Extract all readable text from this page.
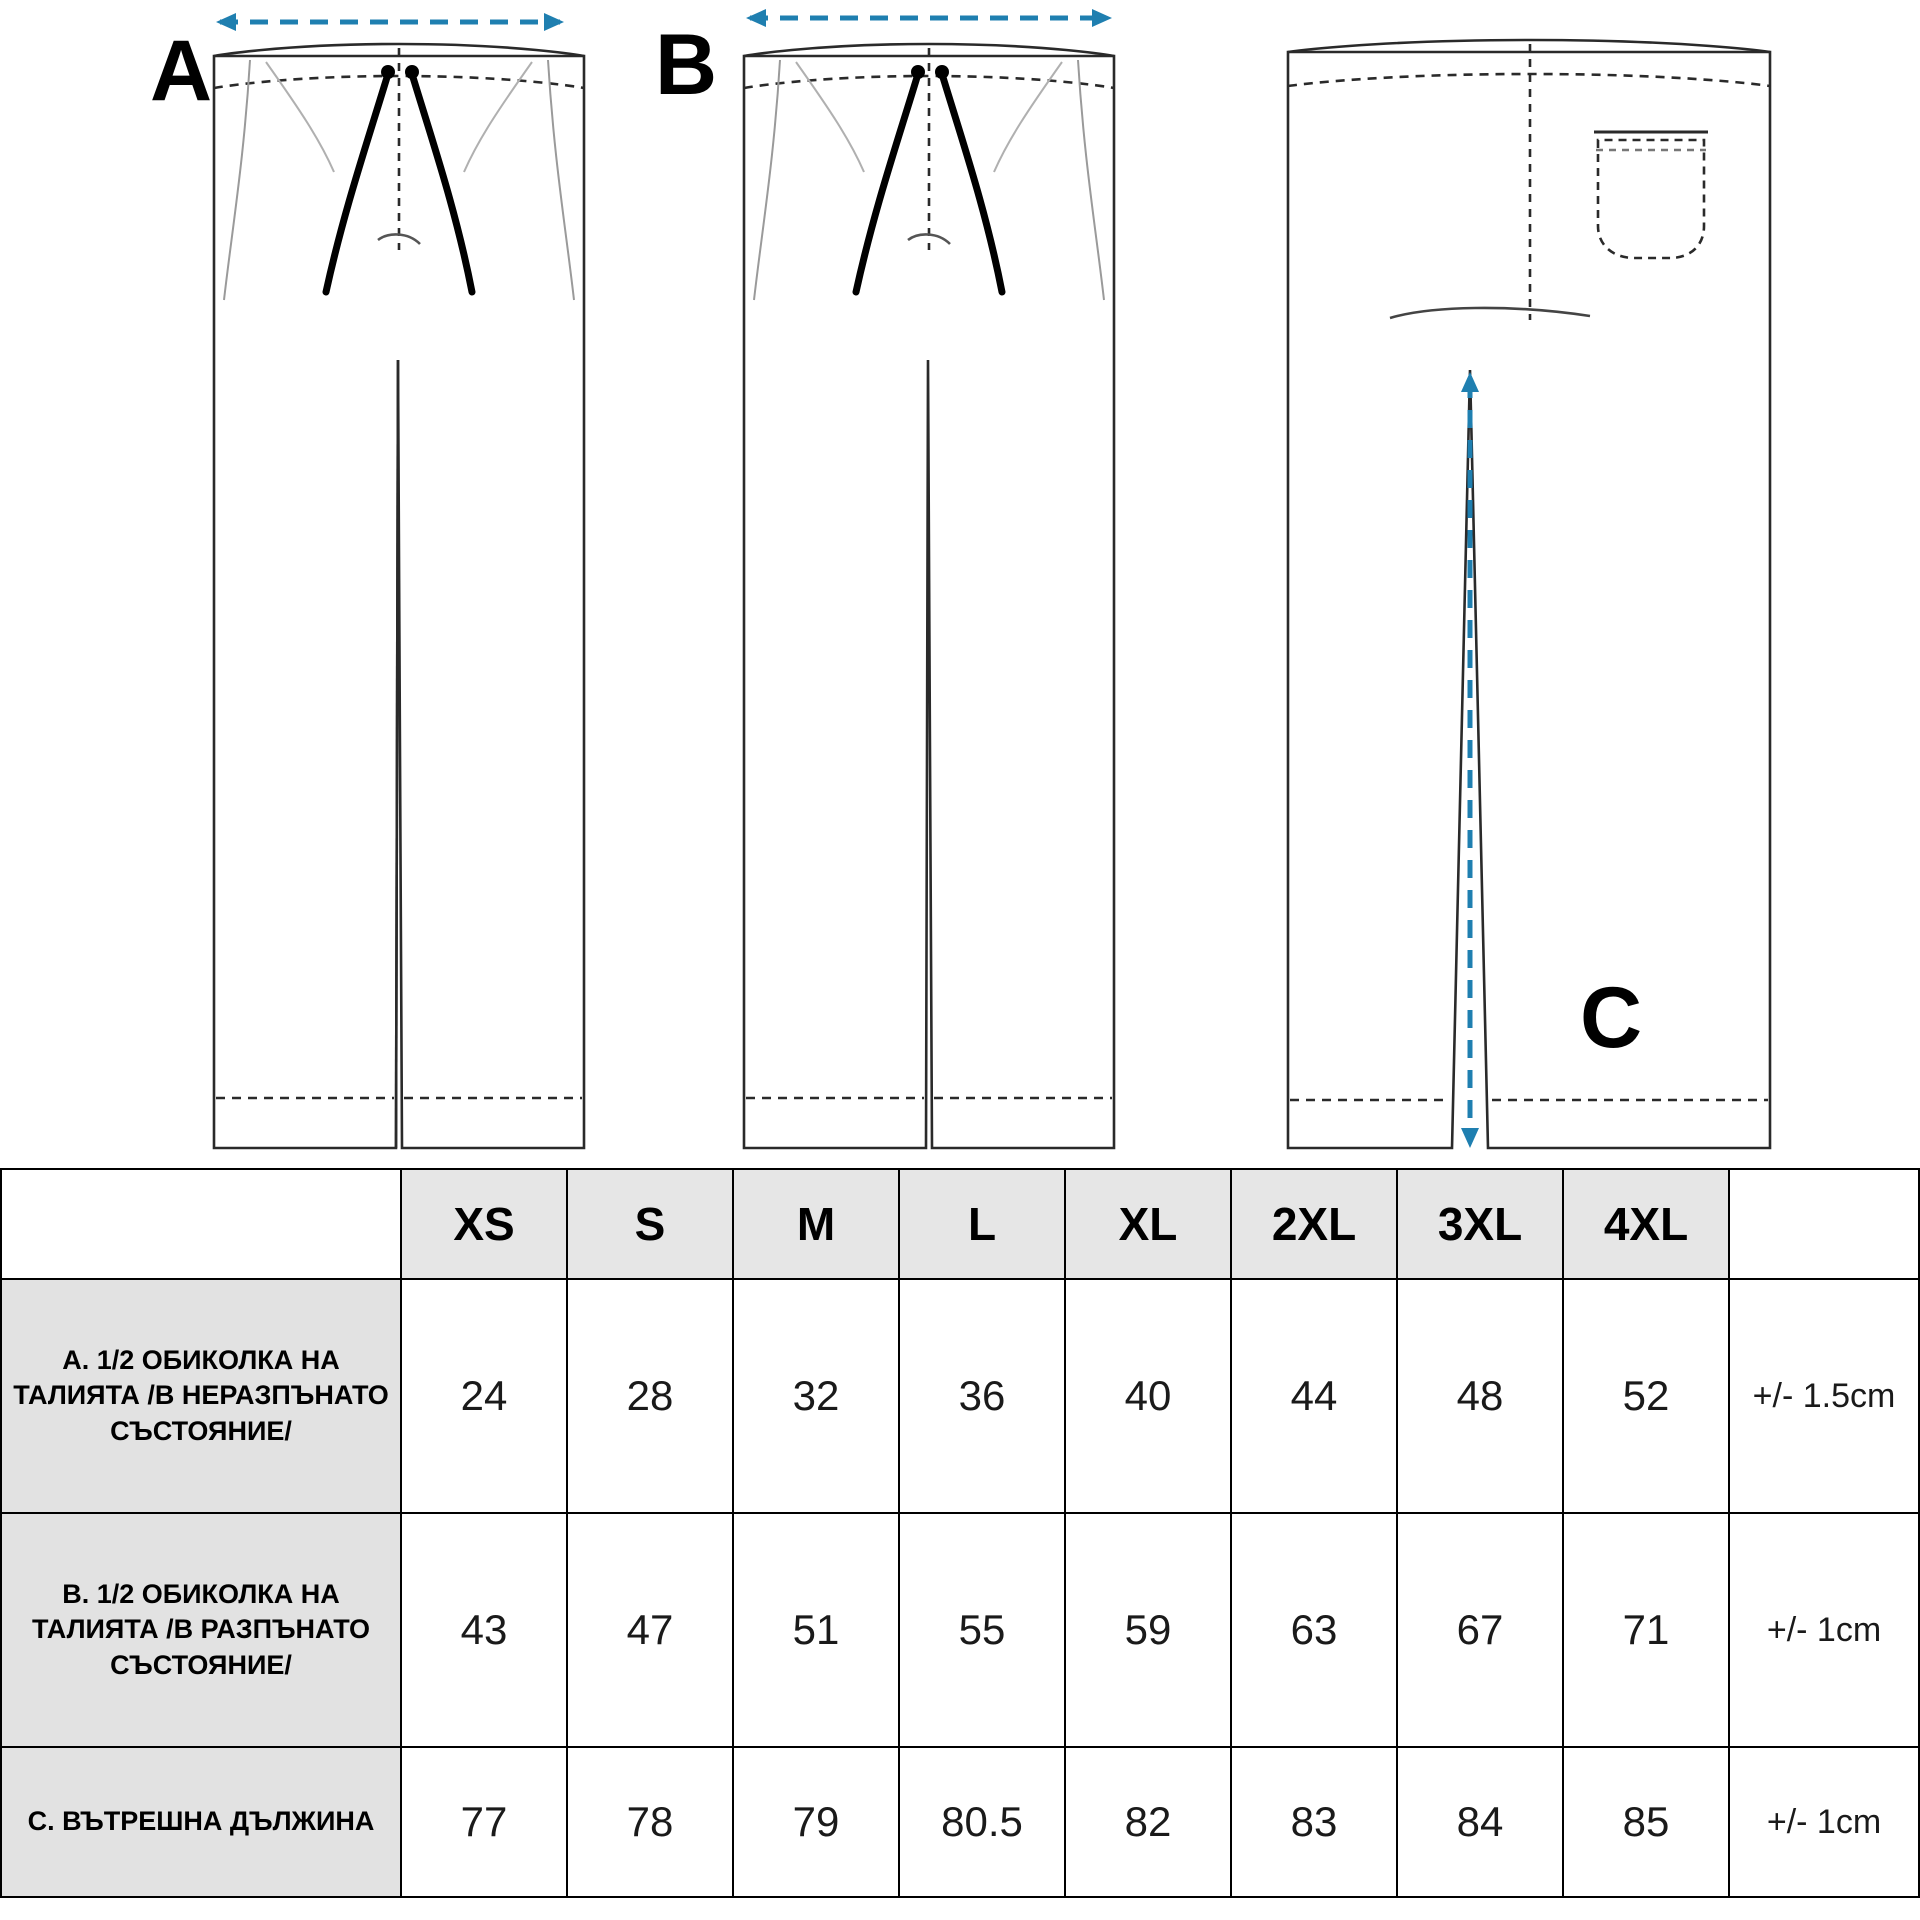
A	B
C
	XS	S	M	L	XL	2XL	3XL	4XL	
A. 1/2 ОБИКОЛКА НА ТАЛИЯТА /В НЕРАЗПЪНАТО СЪСТОЯНИЕ/	24	28	32	36	40	44	48	52	+/- 1.5cm
B. 1/2 ОБИКОЛКА НА ТАЛИЯТА /В РАЗПЪНАТО СЪСТОЯНИЕ/	43	47	51	55	59	63	67	71	+/- 1cm
C. ВЪТРЕШНА ДЪЛЖИНА	77	78	79	80.5	82	83	84	85	+/- 1cm
